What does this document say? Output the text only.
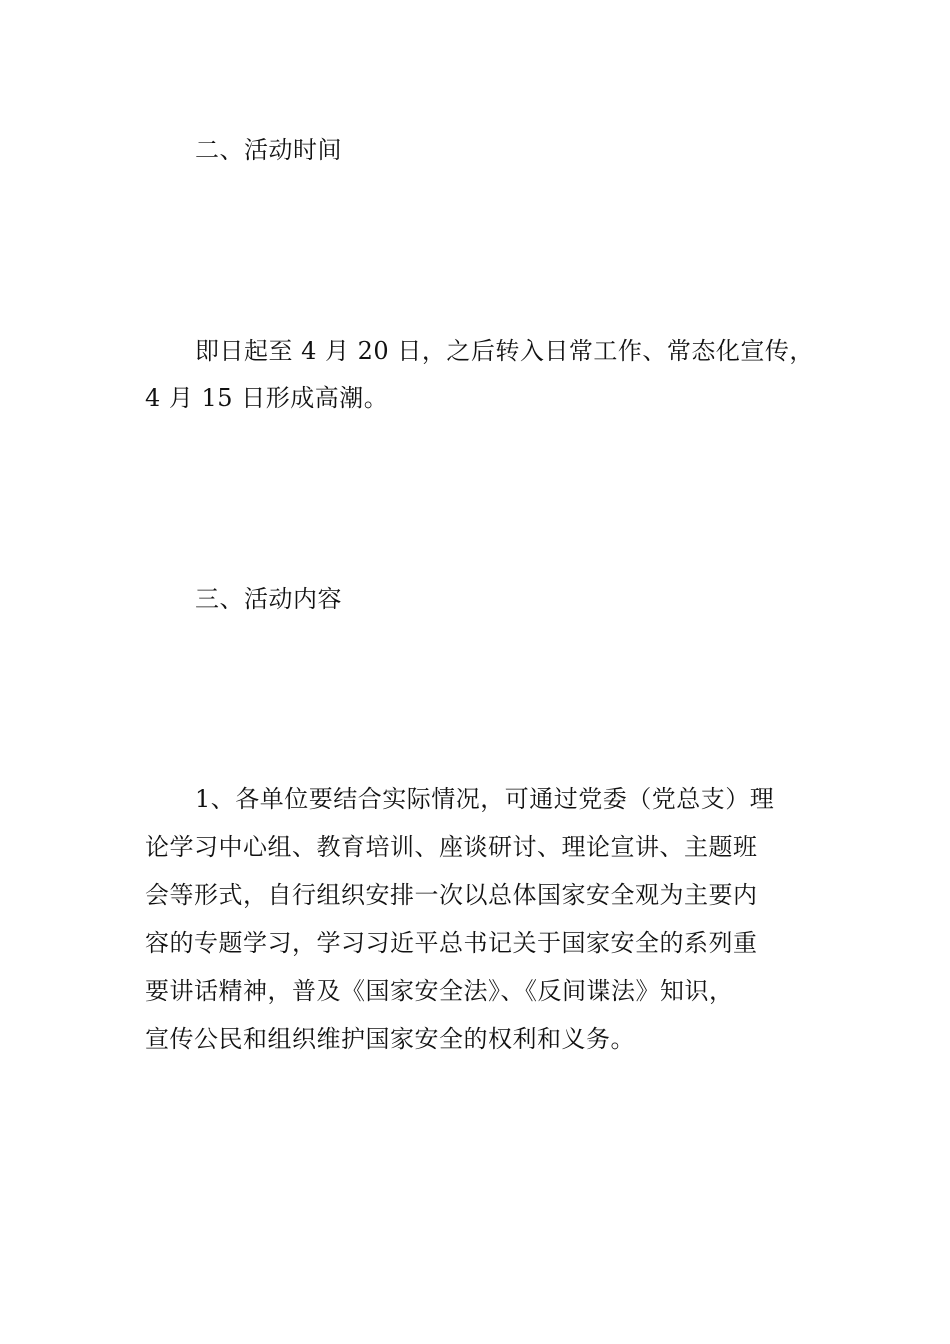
二、活动时间
即日起至 4 月 20 日，之后转入日常工作、常态化宣传，
4 月 15 日形成高潮。
三、活动内容
1、各单位要结合实际情况，可通过党委（党总支）理
论学习中心组、教育培训、座谈研讨、理论宣讲、主题班
会等形式，自行组织安排一次以总体国家安全观为主要内
容的专题学习，学习习近平总书记关于国家安全的系列重
要讲话精神，普及《国家安全法》、《反间谍法》知识，
宣传公民和组织维护国家安全的权利和义务。
